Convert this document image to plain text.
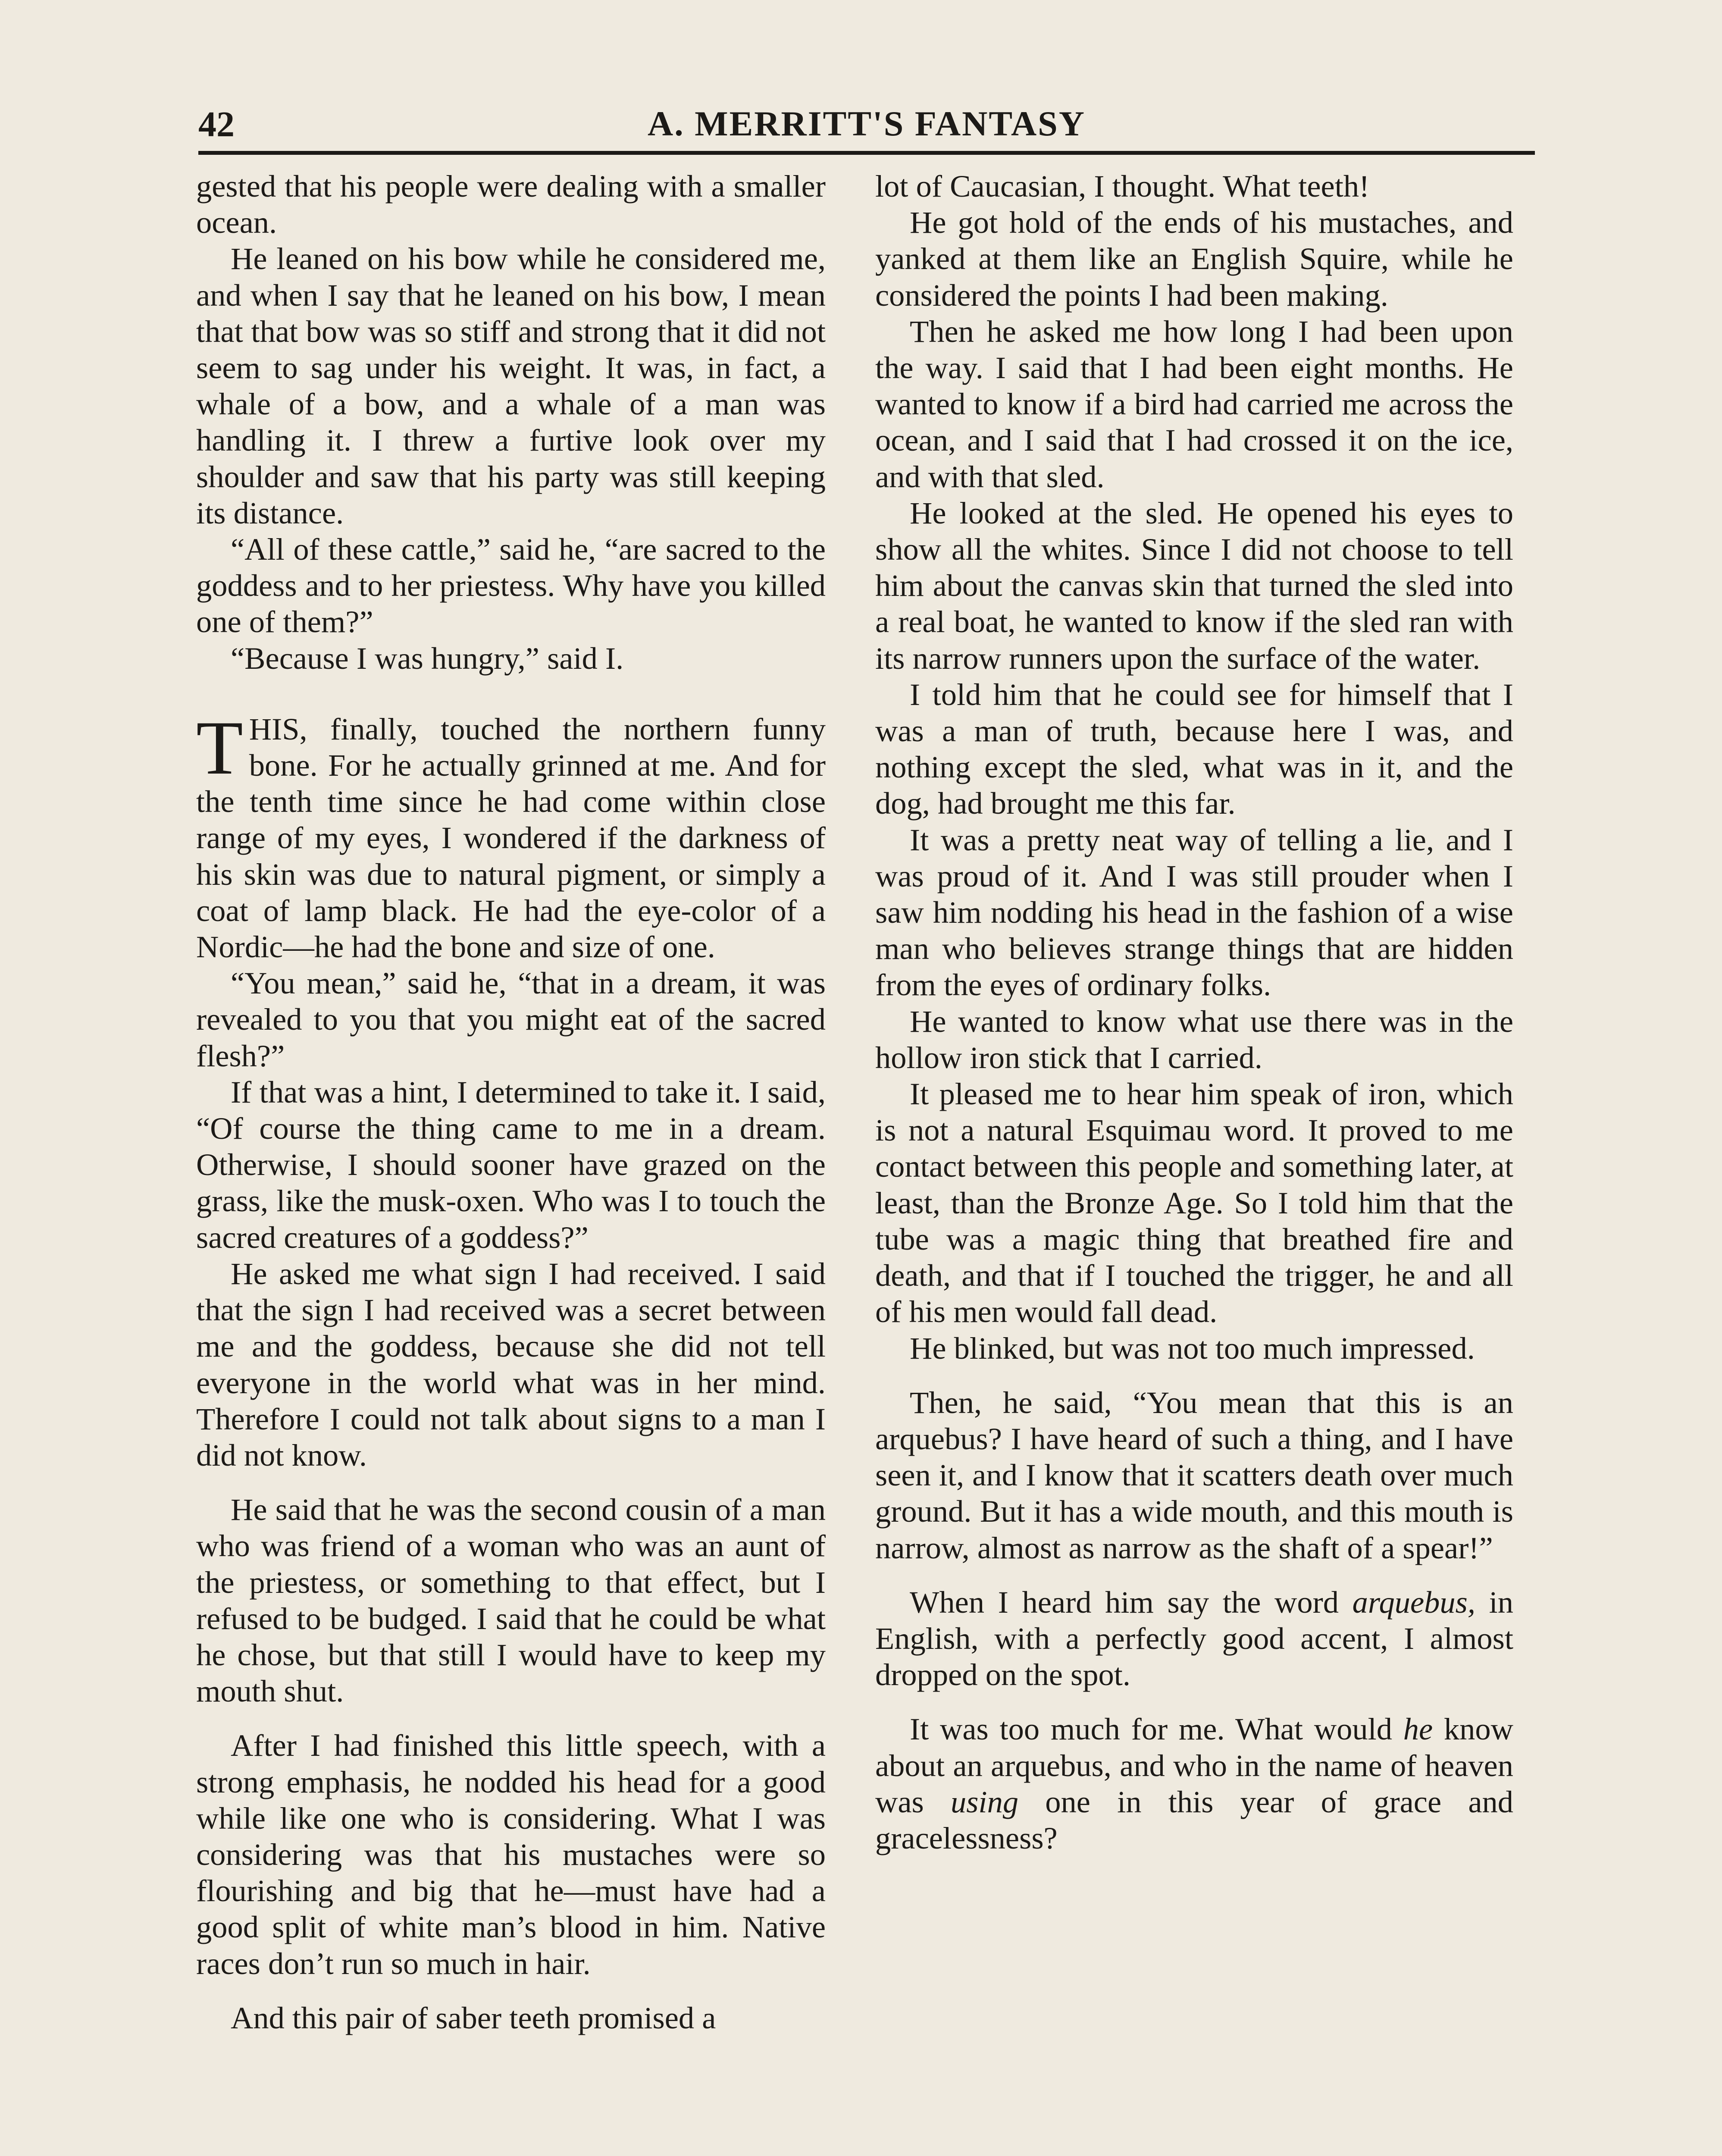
42	A. MERRITT'S FANTASY

gested that his people were dealing with a smaller ocean.

He leaned on his bow while he considered me, and when I say that he leaned on his bow, I mean that that bow was so stiff and strong that it did not seem to sag under his weight. It was, in fact, a whale of a bow, and a whale of a man was handling it. I threw a furtive look over my shoulder and saw that his party was still keeping its distance.

“All of these cattle,” said he, “are sacred to the goddess and to her priestess. Why have you killed one of them?”

“Because I was hungry,” said I.

THIS, finally, touched the northern funny bone. For he actually grinned at me. And for the tenth time since he had come within close range of my eyes, I wondered if the darkness of his skin was due to natural pigment, or simply a coat of lamp black. He had the eye-color of a Nordic—he had the bone and size of one.

“You mean,” said he, “that in a dream, it was revealed to you that you might eat of the sacred flesh?”

If that was a hint, I determined to take it. I said, “Of course the thing came to me in a dream. Otherwise, I should sooner have grazed on the grass, like the musk-oxen. Who was I to touch the sacred creatures of a goddess?”

He asked me what sign I had received. I said that the sign I had received was a secret between me and the goddess, because she did not tell everyone in the world what was in her mind. Therefore I could not talk about signs to a man I did not know.

He said that he was the second cousin of a man who was friend of a woman who was an aunt of the priestess, or something to that effect, but I refused to be budged. I said that he could be what he chose, but that still I would have to keep my mouth shut.

After I had finished this little speech, with a strong emphasis, he nodded his head for a good while like one who is considering. What I was considering was that his mustaches were so flourishing and big that he—must have had a good split of white man’s blood in him. Native races don’t run so much in hair.

And this pair of saber teeth promised a

lot of Caucasian, I thought. What teeth!

He got hold of the ends of his mustaches, and yanked at them like an English Squire, while he considered the points I had been making.

Then he asked me how long I had been upon the way. I said that I had been eight months. He wanted to know if a bird had carried me across the ocean, and I said that I had crossed it on the ice, and with that sled.

He looked at the sled. He opened his eyes to show all the whites. Since I did not choose to tell him about the canvas skin that turned the sled into a real boat, he wanted to know if the sled ran with its narrow runners upon the surface of the water.

I told him that he could see for himself that I was a man of truth, because here I was, and nothing except the sled, what was in it, and the dog, had brought me this far.

It was a pretty neat way of telling a lie, and I was proud of it. And I was still prouder when I saw him nodding his head in the fashion of a wise man who believes strange things that are hidden from the eyes of ordinary folks.

He wanted to know what use there was in the hollow iron stick that I carried.

It pleased me to hear him speak of iron, which is not a natural Esquimau word. It proved to me contact between this people and something later, at least, than the Bronze Age. So I told him that the tube was a magic thing that breathed fire and death, and that if I touched the trigger, he and all of his men would fall dead.

He blinked, but was not too much impressed.

Then, he said, “You mean that this is an arquebus? I have heard of such a thing, and I have seen it, and I know that it scatters death over much ground. But it has a wide mouth, and this mouth is narrow, almost as narrow as the shaft of a spear!”

When I heard him say the word arquebus, in English, with a perfectly good accent, I almost dropped on the spot.

It was too much for me. What would he know about an arquebus, and who in the name of heaven was using one in this year of grace and gracelessness?
